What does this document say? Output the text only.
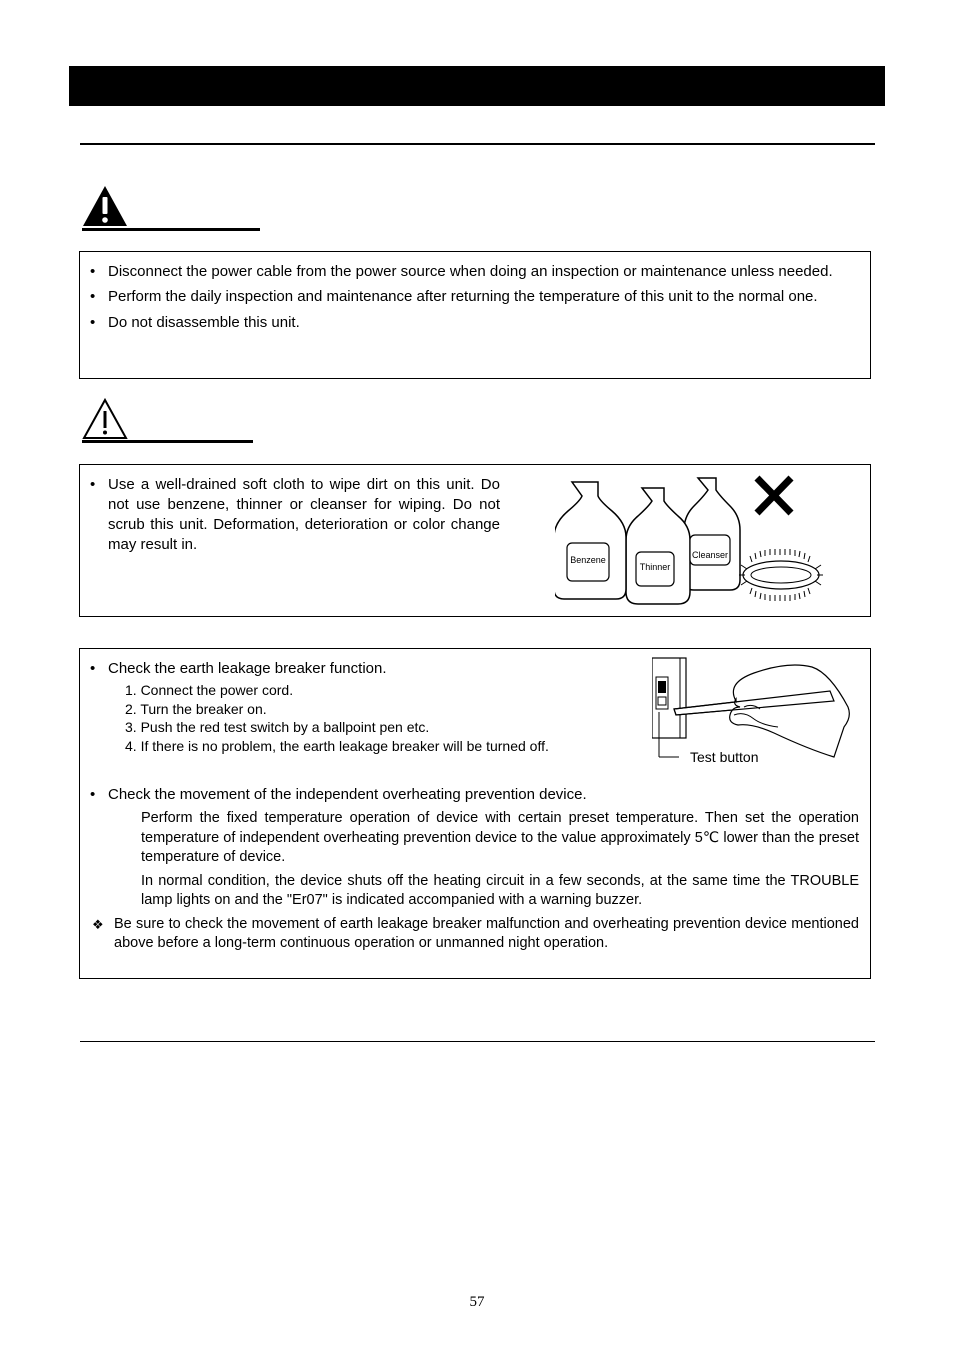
• Disconnect the power cable from the power source when doing an inspection or maintenance unless needed.
• Perform the daily inspection and maintenance after returning the temperature of this unit to the normal one.
• Do not disassemble this unit.
• Use a well-drained soft cloth to wipe dirt on this unit. Do not use benzene, thinner or cleanser for wiping. Do not scrub this unit. Deformation, deterioration or color change may result in.
Benzene
Thinner
Cleanser
• Check the earth leakage breaker function.
1. Connect the power cord.
2. Turn the breaker on.
3. Push the red test switch by a ballpoint pen etc.
4. If there is no problem, the earth leakage breaker will be turned off.
Test button
• Check the movement of the independent overheating prevention device.
Perform the fixed temperature operation of device with certain preset temperature. Then set the operation temperature of independent overheating prevention device to the value approximately 5℃ lower than the preset temperature of device.
In normal condition, the device shuts off the heating circuit in a few seconds, at the same time the TROUBLE lamp lights on and the "Er07" is indicated accompanied with a warning buzzer.
❖ Be sure to check the movement of earth leakage breaker malfunction and overheating prevention device mentioned above before a long-term continuous operation or unmanned night operation.
57
